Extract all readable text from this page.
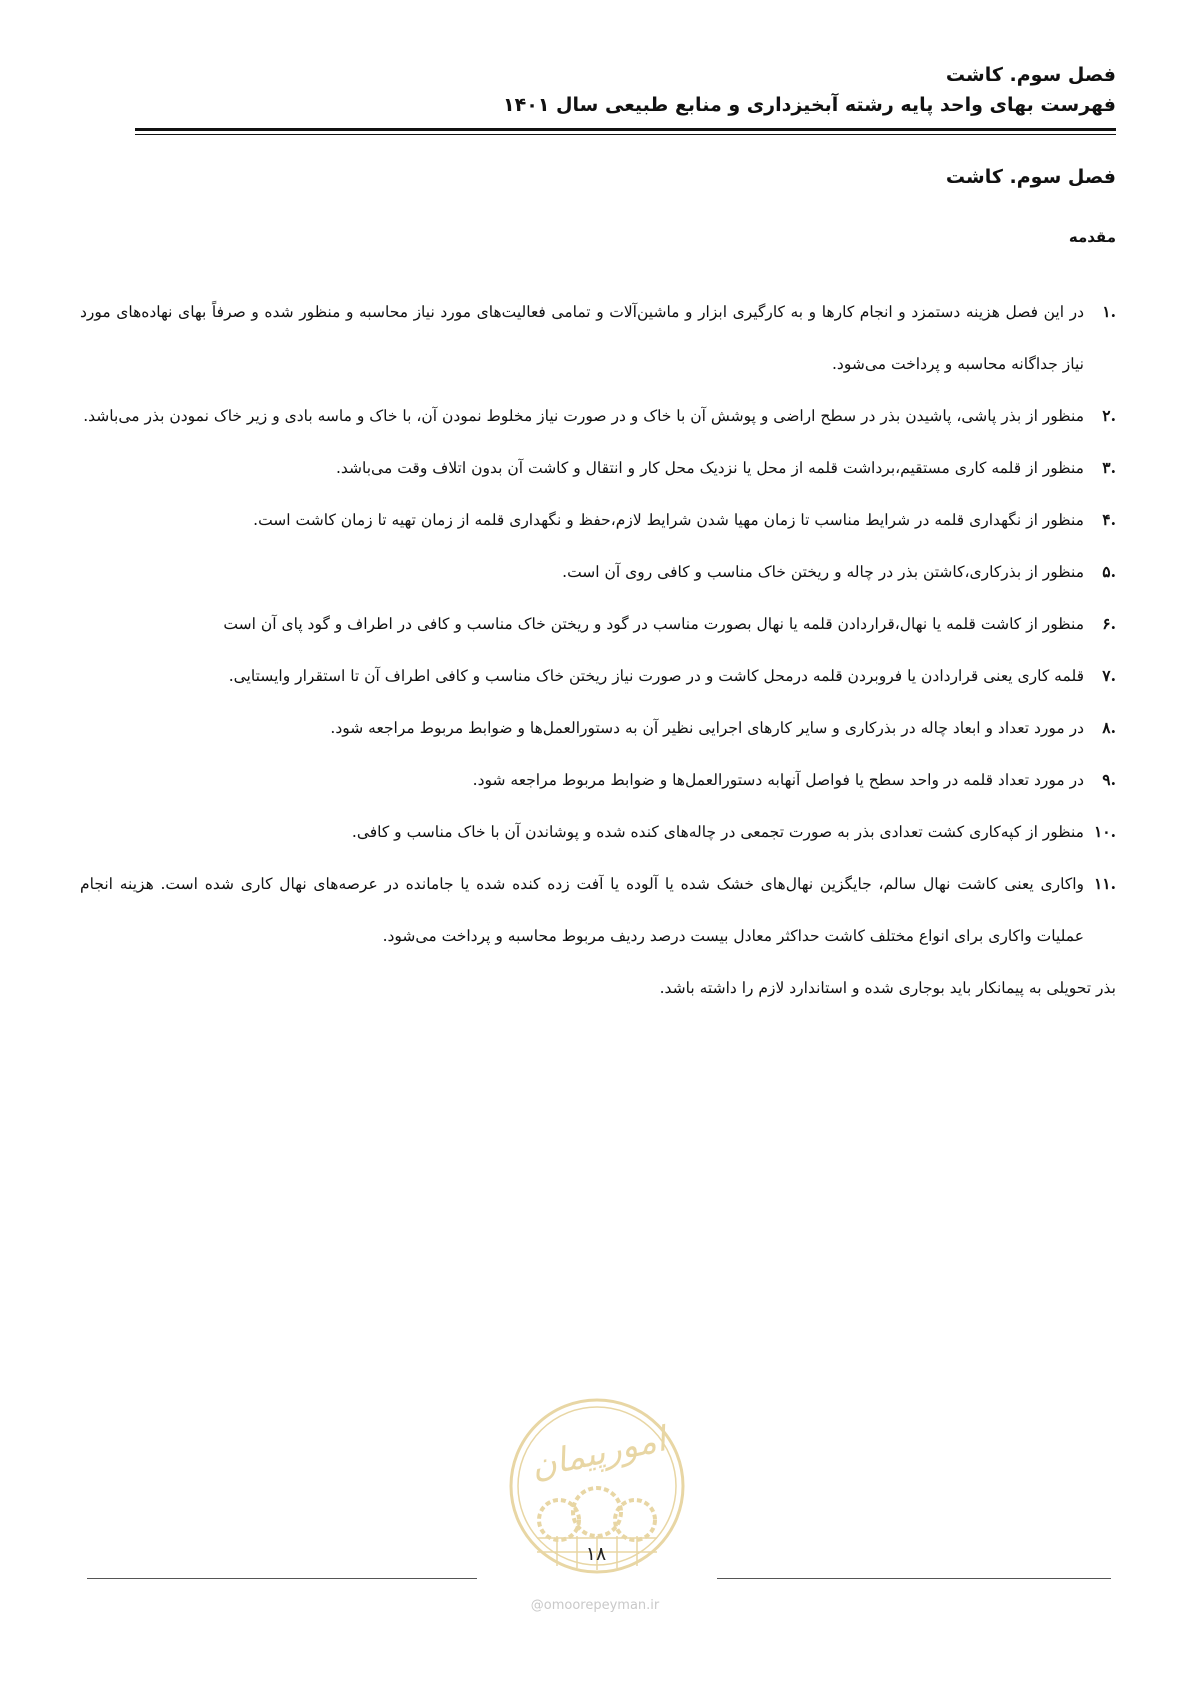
فصل سوم. کاشت
فهرست بهای واحد پایه رشته آبخیزداری و منابع طبیعی سال ۱۴۰۱
فصل سوم. کاشت
مقدمه
.۱
در این فصل هزینه دستمزد و انجام کارها و به کارگیری ابزار و ماشین‌آلات و تمامی فعالیت‌های مورد نیاز محاسبه و منظور شده و صرفاً بهای نهاده‌های مورد نیاز جداگانه محاسبه و پرداخت می‌شود.
.۲
منظور از بذر پاشی، پاشیدن بذر در سطح اراضی و پوشش آن با خاک و در صورت نیاز مخلوط نمودن آن، با خاک و ماسه بادی و زیر خاک نمودن بذر می‌باشد.
.۳
منظور از قلمه کاری مستقیم،برداشت قلمه از محل یا نزدیک محل کار و انتقال و کاشت آن بدون اتلاف وقت می‌باشد.
.۴
منظور از نگهداری قلمه در شرایط مناسب تا زمان مهیا شدن شرایط لازم،حفظ و نگهداری قلمه از زمان تهیه تا زمان کاشت است.
.۵
منظور از بذرکاری،کاشتن بذر در چاله و ریختن خاک مناسب و کافی روی آن است.
.۶
منظور از کاشت قلمه یا نهال،قراردادن قلمه یا نهال بصورت مناسب در گود و ریختن خاک مناسب و کافی در اطراف و گود پای آن است
.۷
قلمه کاری یعنی قراردادن یا فروبردن قلمه درمحل کاشت و در صورت نیاز ریختن خاک مناسب و کافی اطراف آن تا استقرار وایستایی.
.۸
در مورد تعداد و ابعاد چاله در بذرکاری و سایر کارهای اجرایی نظیر آن به دستورالعمل‌ها و ضوابط مربوط مراجعه شود.
.۹
در مورد تعداد قلمه در واحد سطح یا فواصل آنهابه دستورالعمل‌ها و ضوابط مربوط مراجعه شود.
.۱۰
منظور از کپه‌کاری کشت تعدادی بذر به صورت تجمعی در چاله‌های کنده شده و پوشاندن آن با خاک مناسب و کافی.
.۱۱
واکاری یعنی کاشت نهال سالم، جایگزین نهال‌های خشک شده یا آلوده یا آفت زده کنده شده یا جامانده در عرصه‌های نهال کاری شده است. هزینه انجام عملیات واکاری برای انواع مختلف کاشت حداکثر معادل بیست درصد ردیف مربوط محاسبه و پرداخت می‌شود.

بذر تحویلی به پیمانکار باید بوجاری شده و استاندارد لازم را داشته باشد.

امورپیمان
۱۸
@omoorepeyman.ir
